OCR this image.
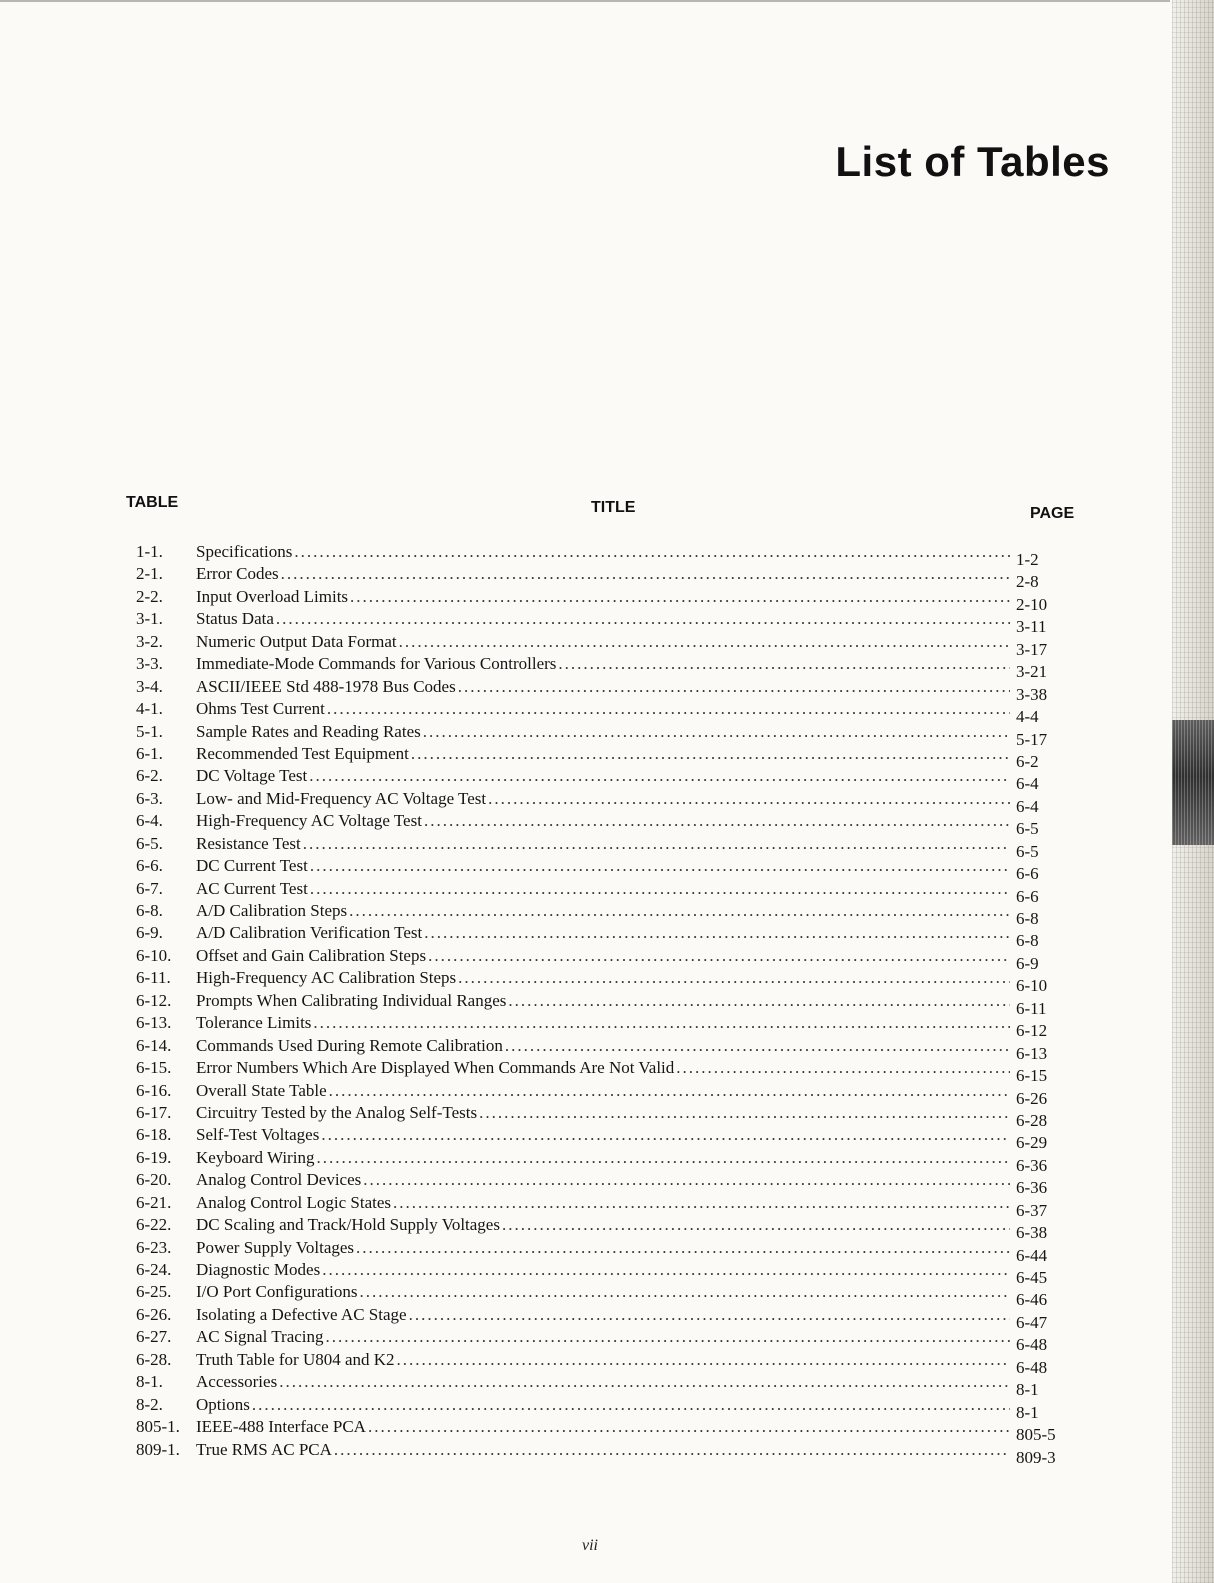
List of Tables
TABLE	TITLE	PAGE
1-1.	Specifications .....	1-2
2-1.	Error Codes .....	2-8
2-2.	Input Overload Limits .....	2-10
3-1.	Status Data .....	3-11
3-2.	Numeric Output Data Format .....	3-17
3-3.	Immediate-Mode Commands for Various Controllers .....	3-21
3-4.	ASCII/IEEE Std 488-1978 Bus Codes .....	3-38
4-1.	Ohms Test Current .....	4-4
5-1.	Sample Rates and Reading Rates .....	5-17
6-1.	Recommended Test Equipment .....	6-2
6-2.	DC Voltage Test .....	6-4
6-3.	Low- and Mid-Frequency AC Voltage Test .....	6-4
6-4.	High-Frequency AC Voltage Test .....	6-5
6-5.	Resistance Test .....	6-5
6-6.	DC Current Test .....	6-6
6-7.	AC Current Test .....	6-6
6-8.	A/D Calibration Steps .....	6-8
6-9.	A/D Calibration Verification Test .....	6-8
6-10.	Offset and Gain Calibration Steps .....	6-9
6-11.	High-Frequency AC Calibration Steps .....	6-10
6-12.	Prompts When Calibrating Individual Ranges .....	6-11
6-13.	Tolerance Limits .....	6-12
6-14.	Commands Used During Remote Calibration .....	6-13
6-15.	Error Numbers Which Are Displayed When Commands Are Not Valid .....	6-15
6-16.	Overall State Table .....	6-26
6-17.	Circuitry Tested by the Analog Self-Tests .....	6-28
6-18.	Self-Test Voltages .....	6-29
6-19.	Keyboard Wiring .....	6-36
6-20.	Analog Control Devices .....	6-36
6-21.	Analog Control Logic States .....	6-37
6-22.	DC Scaling and Track/Hold Supply Voltages .....	6-38
6-23.	Power Supply Voltages .....	6-44
6-24.	Diagnostic Modes .....	6-45
6-25.	I/O Port Configurations .....	6-46
6-26.	Isolating a Defective AC Stage .....	6-47
6-27.	AC Signal Tracing .....	6-48
6-28.	Truth Table for U804 and K2 .....	6-48
8-1.	Accessories .....	8-1
8-2.	Options .....	8-1
805-1. IEEE-488 Interface PCA .....	805-5
809-1. True RMS AC PCA .....	809-3
vii
